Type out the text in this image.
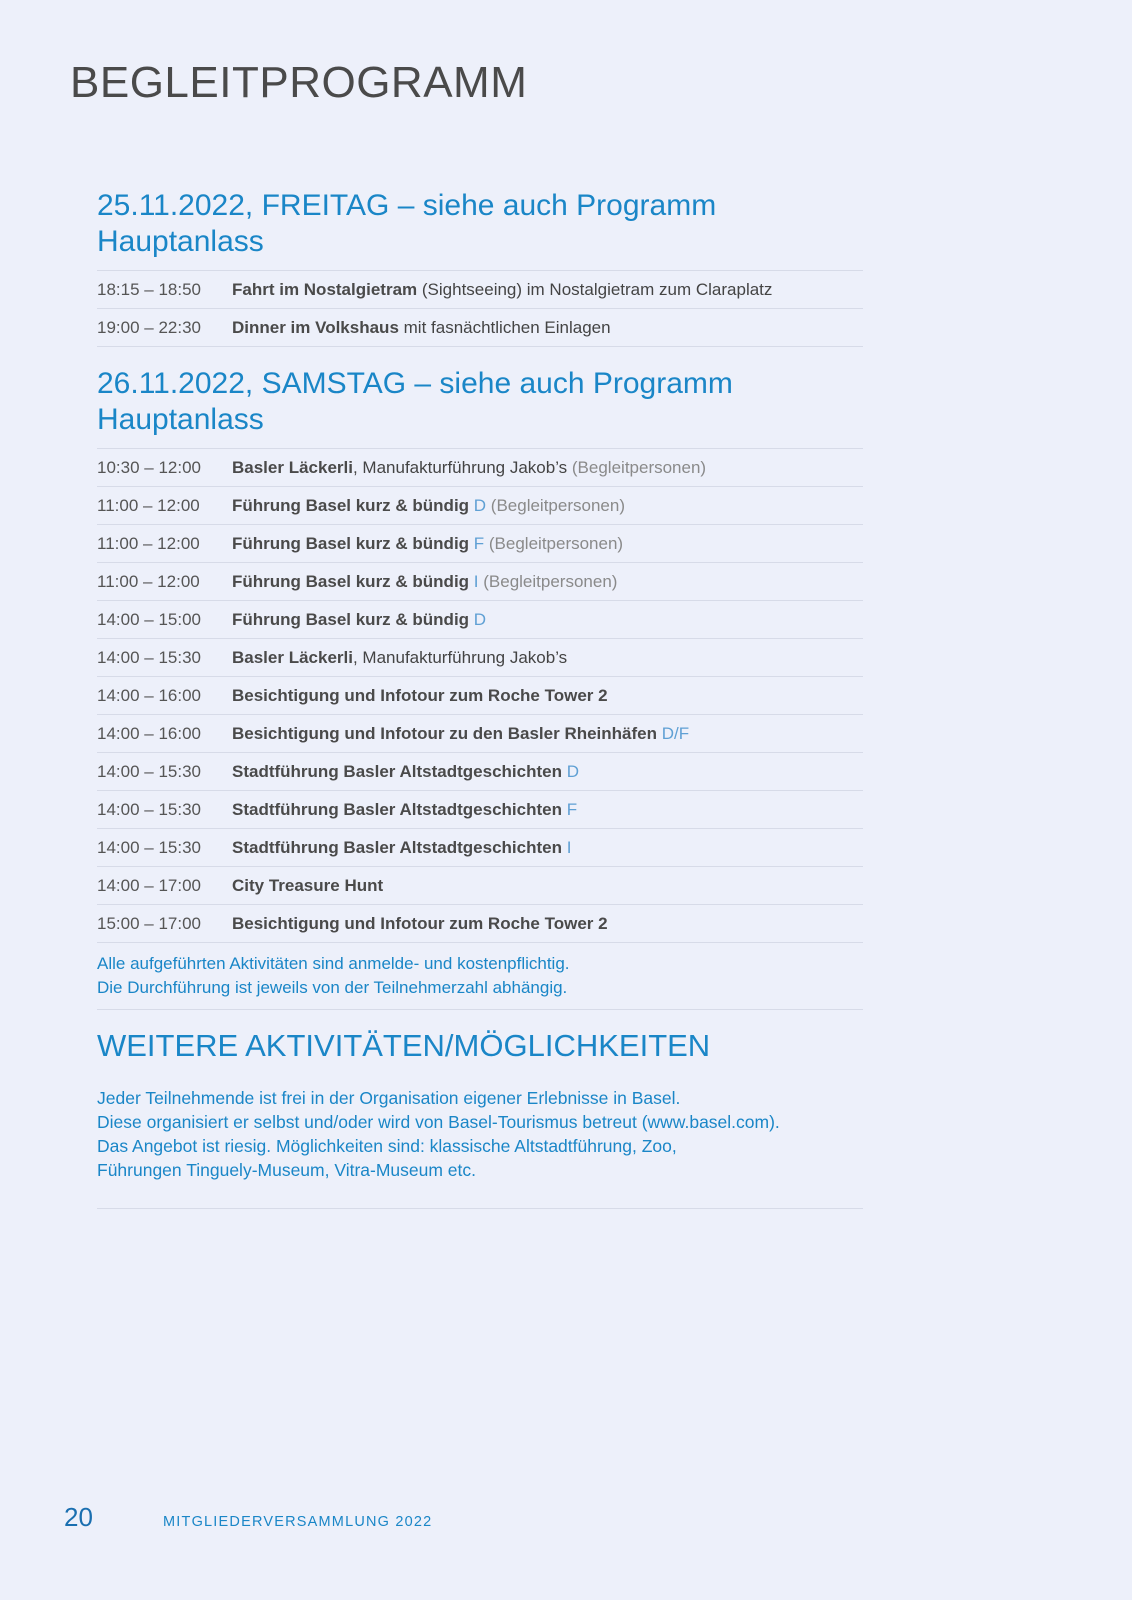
BEGLEITPROGRAMM
25.11.2022, FREITAG – siehe auch Programm Hauptanlass
18:15 – 18:50	Fahrt im Nostalgietram (Sightseeing) im Nostalgietram zum Claraplatz
19:00 – 22:30	Dinner im Volkshaus mit fasnächtlichen Einlagen
26.11.2022, SAMSTAG – siehe auch Programm Hauptanlass
10:30 – 12:00	Basler Läckerli, Manufakturführung Jakob’s (Begleitpersonen)
11:00 – 12:00	Führung Basel kurz & bündig D (Begleitpersonen)
11:00 – 12:00	Führung Basel kurz & bündig F (Begleitpersonen)
11:00 – 12:00	Führung Basel kurz & bündig I (Begleitpersonen)
14:00 – 15:00	Führung Basel kurz & bündig D
14:00 – 15:30	Basler Läckerli, Manufakturführung Jakob’s
14:00 – 16:00	Besichtigung und Infotour zum Roche Tower 2
14:00 – 16:00	Besichtigung und Infotour zu den Basler Rheinhäfen D/F
14:00 – 15:30	Stadtführung Basler Altstadtgeschichten D
14:00 – 15:30	Stadtführung Basler Altstadtgeschichten F
14:00 – 15:30	Stadtführung Basler Altstadtgeschichten I
14:00 – 17:00	City Treasure Hunt
15:00 – 17:00	Besichtigung und Infotour zum Roche Tower 2
Alle aufgeführten Aktivitäten sind anmelde- und kostenpflichtig.
Die Durchführung ist jeweils von der Teilnehmerzahl abhängig.
WEITERE AKTIVITÄTEN/MÖGLICHKEITEN
Jeder Teilnehmende ist frei in der Organisation eigener Erlebnisse in Basel.
Diese organisiert er selbst und/oder wird von Basel-Tourismus betreut (www.basel.com).
Das Angebot ist riesig. Möglichkeiten sind: klassische Altstadtführung, Zoo,
Führungen Tinguely-Museum, Vitra-Museum etc.
20	MITGLIEDERVERSAMMLUNG 2022
